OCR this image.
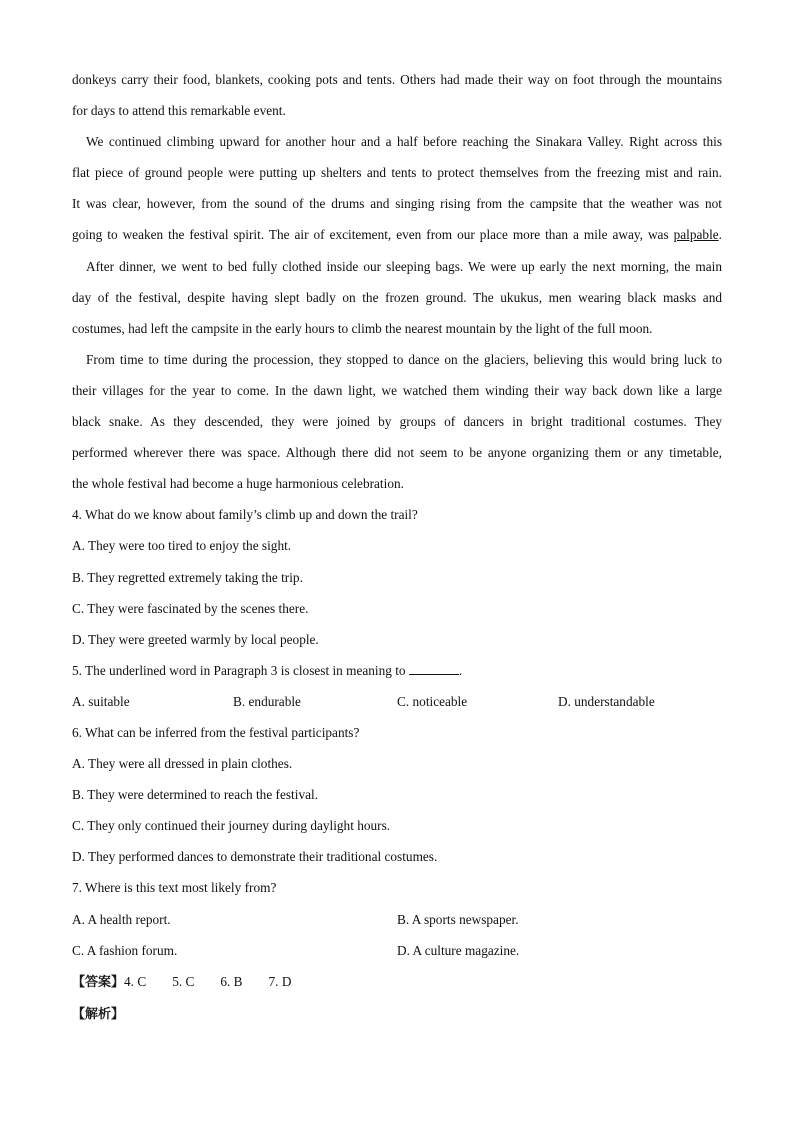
donkeys carry their food, blankets, cooking pots and tents. Others had made their way on foot through the mountains
for days to attend this remarkable event.
We continued climbing upward for another hour and a half before reaching the Sinakara Valley. Right across this
flat piece of ground people were putting up shelters and tents to protect themselves from the freezing mist and rain.
It was clear, however, from the sound of the drums and singing rising from the campsite that the weather was not
going to weaken the festival spirit. The air of excitement, even from our place more than a mile away, was palpable.
After dinner, we went to bed fully clothed inside our sleeping bags. We were up early the next morning, the main
day of the festival, despite having slept badly on the frozen ground. The ukukus, men wearing black masks and
costumes, had left the campsite in the early hours to climb the nearest mountain by the light of the full moon.
From time to time during the procession, they stopped to dance on the glaciers, believing this would bring luck to
their villages for the year to come. In the dawn light, we watched them winding their way back down like a large
black snake. As they descended, they were joined by groups of dancers in bright traditional costumes. They
performed wherever there was space. Although there did not seem to be anyone organizing them or any timetable,
the whole festival had become a huge harmonious celebration.

4. What do we know about family’s climb up and down the trail?

A. They were too tired to enjoy the sight.

B. They regretted extremely taking the trip.

C. They were fascinated by the scenes there.

D. They were greeted warmly by local people.

5. The underlined word in Paragraph 3 is closest in meaning to	.

A. suitable	B. endurable	C. noticeable	D. understandable

6. What can be inferred from the festival participants?

A. They were all dressed in plain clothes.

B. They were determined to reach the festival.

C. They only continued their journey during daylight hours.

D. They performed dances to demonstrate their traditional costumes.

7. Where is this text most likely from?

A. A health report.	B. A sports newspaper.
C. A fashion forum.	D. A culture magazine.

【答案】4. C 5. C 6. B 7. D

【解析】
